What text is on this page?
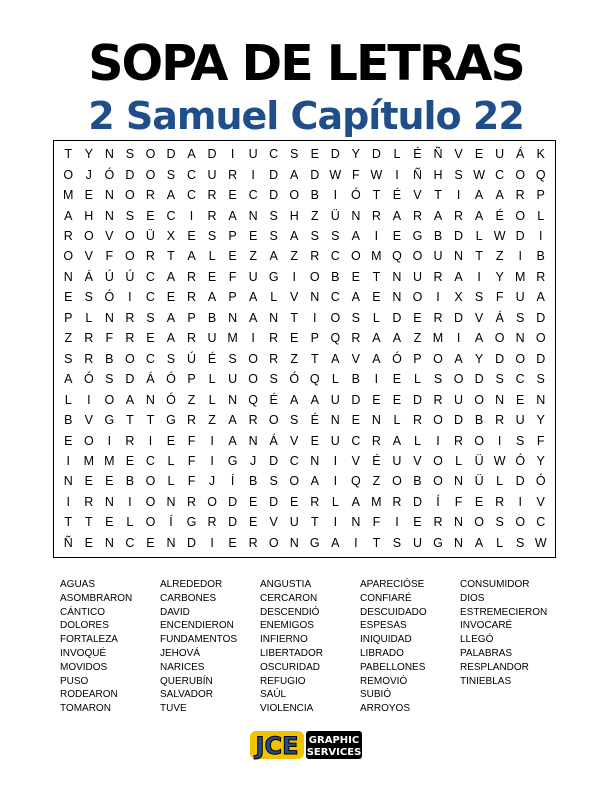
SOPA DE LETRAS
2 Samuel Capítulo 22
T	Y N S O D A D	I	U C S E D Y D	L	É Ñ V E U Á K
O	J	Ó D O S C U R	I	D A D W F W	I	Ñ H S W C O Q
M E N O R A C R E C D O B	I	Ó T	É V	T	I	A A R P
A H N S E C	I	R A N S H Z Ü N R A R A R A É O L
R O V O Ü X E S P E S A S S A	I	E G B D	L W D	I
O V	F O R T	A	L	E	Z	A	Z R C O M Q O U N T	Z	I	B
N Á Ú Ú C A R E	F U G	I	O B E	T N U R A	I	Y M R
E S Ó	I	C E R A P A	L	V N C A E N O	I	X S	F U A
P	L	N R S A P B N A N T	I	O S	L	D E R D V Á S D
Z R F R E A R U M	I	R E P Q R A A	Z M	I	A O N O
S R B O C S Ú É S O R Z	T	A V A Ó P O A Y D O D
A Ó S D Á Ó P	L	U O S Ó Q L	B	I	E	L	S O D S C S
L	I	O A N Ó Z	L	N Q É A A U D E E D R U O N E N
B V G T	T G R Z	A R O S É N E N	L	R O D B R U Y
E O	I	R	I	E	F	I	A N Á V E U C R A	L	I	R O	I	S	F
I	M M E C	L	F	I	G	J	D C N	I	V É U V O L	Ü W Ó Y
N E E B O L	F	J	Í	B S O A	I	Q Z O B O N Ü	L	D Ó
I	R N	I	O N R O D E D E R	L	A M R D	Í	F	E R	I	V
T	T	E	L O	Í	G R D E V U T	I	N F	I	E R N O S O C
Ñ E N C E N D	I	E R O N G A	I	T	S U G N A	L	S W
AGUAS
ASOMBRARON
CÁNTICO
DOLORES
FORTALEZA
INVOQUÉ
MOVIDOS
PUSO
RODEARON
TOMARON
ALREDEDOR
CARBONES
DAVID
ENCENDIERON
FUNDAMENTOS
JEHOVÁ
NARICES
QUERUBÍN
SALVADOR
TUVE
ANGUSTIA
CERCARON
DESCENDIÓ
ENEMIGOS
INFIERNO
LIBERTADOR
OSCURIDAD
REFUGIO
SAÚL
VIOLENCIA
APARECIÓSE
CONFIARÉ
DESCUIDADO
ESPESAS
INIQUIDAD
LIBRADO
PABELLONES
REMOVIÓ
SUBIÓ
ARROYOS
CONSUMIDOR
DIOS
ESTREMECIERON
INVOCARÉ
LLEGÓ
PALABRAS
RESPLANDOR
TINIEBLAS
JCE GRAPHIC
SERVICES
